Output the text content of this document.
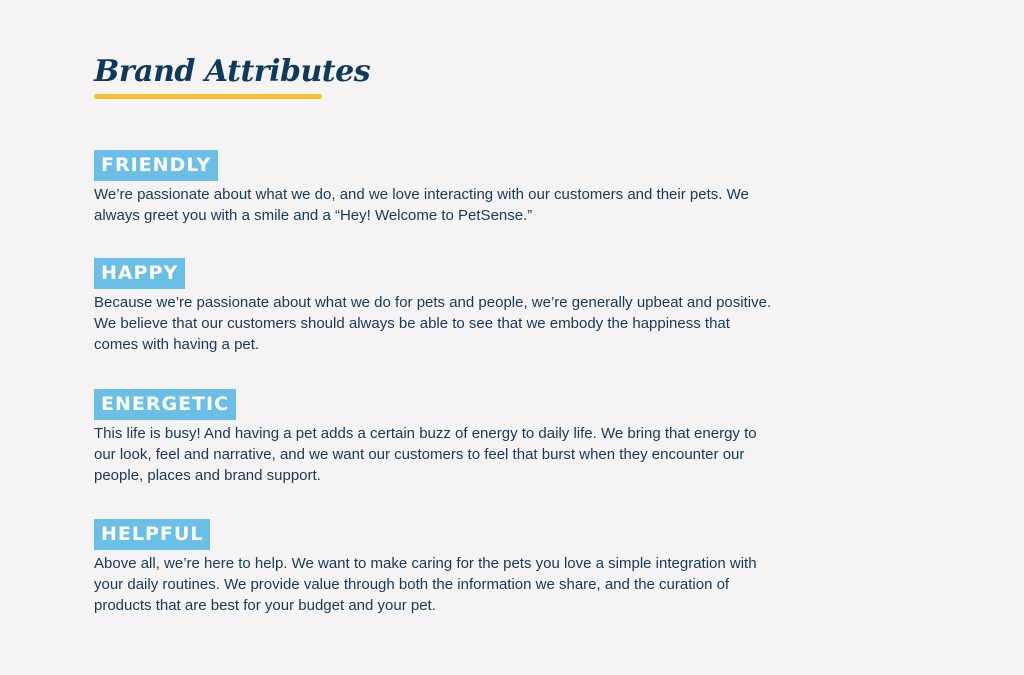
Brand Attributes
FRIENDLY

We’re passionate about what we do, and we love interacting with our customers and their pets. We always greet you with a smile and a “Hey! Welcome to PetSense.”

HAPPY

Because we’re passionate about what we do for pets and people, we’re generally upbeat and positive. We believe that our customers should always be able to see that we embody the happiness that comes with having a pet.

ENERGETIC

This life is busy! And having a pet adds a certain buzz of energy to daily life. We bring that energy to our look, feel and narrative, and we want our customers to feel that burst when they encounter our people, places and brand support.

HELPFUL

Above all, we’re here to help. We want to make caring for the pets you love a simple integration with your daily routines. We provide value through both the information we share, and the curation of products that are best for your budget and your pet.
